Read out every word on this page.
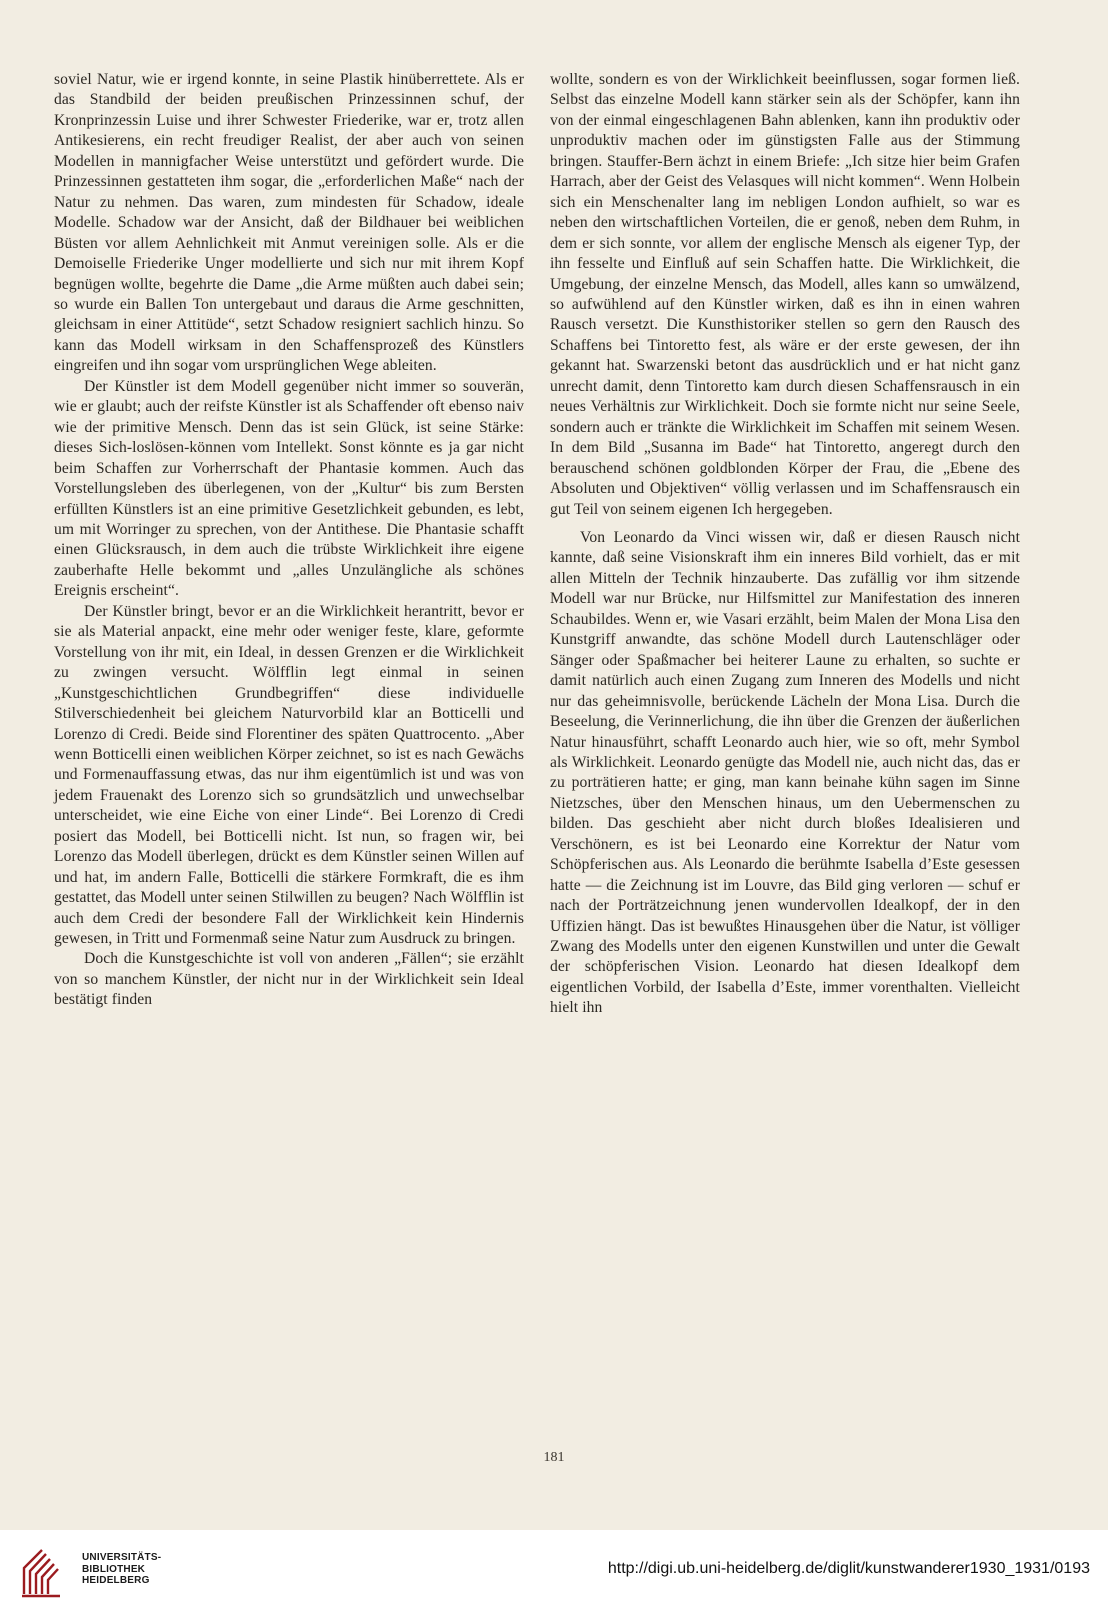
soviel Natur, wie er irgend konnte, in seine Plastik hinüberrettete. Als er das Standbild der beiden preußischen Prinzessinnen schuf, der Kronprinzessin Luise und ihrer Schwester Friederike, war er, trotz allen Antikesierens, ein recht freudiger Realist, der aber auch von seinen Modellen in mannigfacher Weise unterstützt und gefördert wurde. Die Prinzessinnen gestatteten ihm sogar, die „erforderlichen Maße“ nach der Natur zu nehmen. Das waren, zum mindesten für Schadow, ideale Modelle. Schadow war der Ansicht, daß der Bildhauer bei weiblichen Büsten vor allem Aehnlichkeit mit Anmut vereinigen solle. Als er die Demoiselle Friederike Unger modellierte und sich nur mit ihrem Kopf begnügen wollte, begehrte die Dame „die Arme müßten auch dabei sein; so wurde ein Ballen Ton untergebaut und daraus die Arme geschnitten, gleichsam in einer Attitüde“, setzt Schadow resigniert sachlich hinzu. So kann das Modell wirksam in den Schaffensprozeß des Künstlers eingreifen und ihn sogar vom ursprünglichen Wege ableiten.

Der Künstler ist dem Modell gegenüber nicht immer so souverän, wie er glaubt; auch der reifste Künstler ist als Schaffender oft ebenso naiv wie der primitive Mensch. Denn das ist sein Glück, ist seine Stärke: dieses Sich-loslösen-können vom Intellekt. Sonst könnte es ja gar nicht beim Schaffen zur Vorherrschaft der Phantasie kommen. Auch das Vorstellungsleben des überlegenen, von der „Kultur“ bis zum Bersten erfüllten Künstlers ist an eine primitive Gesetzlichkeit gebunden, es lebt, um mit Worringer zu sprechen, von der Antithese. Die Phantasie schafft einen Glücksrausch, in dem auch die trübste Wirklichkeit ihre eigene zauberhafte Helle bekommt und „alles Unzulängliche als schönes Ereignis erscheint“.

Der Künstler bringt, bevor er an die Wirklichkeit herantritt, bevor er sie als Material anpackt, eine mehr oder weniger feste, klare, geformte Vorstellung von ihr mit, ein Ideal, in dessen Grenzen er die Wirklichkeit zu zwingen versucht. Wölfflin legt einmal in seinen „Kunstgeschichtlichen Grundbegriffen“ diese individuelle Stilverschiedenheit bei gleichem Naturvorbild klar an Botticelli und Lorenzo di Credi. Beide sind Florentiner des späten Quattrocento. „Aber wenn Botticelli einen weiblichen Körper zeichnet, so ist es nach Gewächs und Formenauffassung etwas, das nur ihm eigentümlich ist und was von jedem Frauenakt des Lorenzo sich so grundsätzlich und unwechselbar unterscheidet, wie eine Eiche von einer Linde“. Bei Lorenzo di Credi posiert das Modell, bei Botticelli nicht. Ist nun, so fragen wir, bei Lorenzo das Modell überlegen, drückt es dem Künstler seinen Willen auf und hat, im andern Falle, Botticelli die stärkere Formkraft, die es ihm gestattet, das Modell unter seinen Stilwillen zu beugen? Nach Wölfflin ist auch dem Credi der besondere Fall der Wirklichkeit kein Hindernis gewesen, in Tritt und Formenmaß seine Natur zum Ausdruck zu bringen.

Doch die Kunstgeschichte ist voll von anderen „Fällen“; sie erzählt von so manchem Künstler, der nicht nur in der Wirklichkeit sein Ideal bestätigt finden

wollte, sondern es von der Wirklichkeit beeinflussen, sogar formen ließ. Selbst das einzelne Modell kann stärker sein als der Schöpfer, kann ihn von der einmal eingeschlagenen Bahn ablenken, kann ihn produktiv oder unproduktiv machen oder im günstigsten Falle aus der Stimmung bringen. Stauffer-Bern ächzt in einem Briefe: „Ich sitze hier beim Grafen Harrach, aber der Geist des Velasques will nicht kommen“. Wenn Holbein sich ein Menschenalter lang im nebligen London aufhielt, so war es neben den wirtschaftlichen Vorteilen, die er genoß, neben dem Ruhm, in dem er sich sonnte, vor allem der englische Mensch als eigener Typ, der ihn fesselte und Einfluß auf sein Schaffen hatte. Die Wirklichkeit, die Umgebung, der einzelne Mensch, das Modell, alles kann so umwälzend, so aufwühlend auf den Künstler wirken, daß es ihn in einen wahren Rausch versetzt. Die Kunsthistoriker stellen so gern den Rausch des Schaffens bei Tintoretto fest, als wäre er der erste gewesen, der ihn gekannt hat. Swarzenski betont das ausdrücklich und er hat nicht ganz unrecht damit, denn Tintoretto kam durch diesen Schaffensrausch in ein neues Verhältnis zur Wirklichkeit. Doch sie formte nicht nur seine Seele, sondern auch er tränkte die Wirklichkeit im Schaffen mit seinem Wesen. In dem Bild „Susanna im Bade“ hat Tintoretto, angeregt durch den berauschend schönen goldblonden Körper der Frau, die „Ebene des Absoluten und Objektiven“ völlig verlassen und im Schaffensrausch ein gut Teil von seinem eigenen Ich hergegeben.

Von Leonardo da Vinci wissen wir, daß er diesen Rausch nicht kannte, daß seine Visionskraft ihm ein inneres Bild vorhielt, das er mit allen Mitteln der Technik hinzauberte. Das zufällig vor ihm sitzende Modell war nur Brücke, nur Hilfsmittel zur Manifestation des inneren Schaubildes. Wenn er, wie Vasari erzählt, beim Malen der Mona Lisa den Kunstgriff anwandte, das schöne Modell durch Lautenschläger oder Sänger oder Spaßmacher bei heiterer Laune zu erhalten, so suchte er damit natürlich auch einen Zugang zum Inneren des Modells und nicht nur das geheimnisvolle, berückende Lächeln der Mona Lisa. Durch die Beseelung, die Verinnerlichung, die ihn über die Grenzen der äußerlichen Natur hinausführt, schafft Leonardo auch hier, wie so oft, mehr Symbol als Wirklichkeit. Leonardo genügte das Modell nie, auch nicht das, das er zu porträtieren hatte; er ging, man kann beinahe kühn sagen im Sinne Nietzsches, über den Menschen hinaus, um den Uebermenschen zu bilden. Das geschieht aber nicht durch bloßes Idealisieren und Verschönern, es ist bei Leonardo eine Korrektur der Natur vom Schöpferischen aus. Als Leonardo die berühmte Isabella d’Este gesessen hatte — die Zeichnung ist im Louvre, das Bild ging verloren — schuf er nach der Porträtzeichnung jenen wundervollen Idealkopf, der in den Uffizien hängt. Das ist bewußtes Hinausgehen über die Natur, ist völliger Zwang des Modells unter den eigenen Kunstwillen und unter die Gewalt der schöpferischen Vision. Leonardo hat diesen Idealkopf dem eigentlichen Vorbild, der Isabella d’Este, immer vorenthalten. Vielleicht hielt ihn

181
UNIVERSITÄTS-
BIBLIOTHEK
HEIDELBERG
http://digi.ub.uni-heidelberg.de/diglit/kunstwanderer1930_1931/0193
